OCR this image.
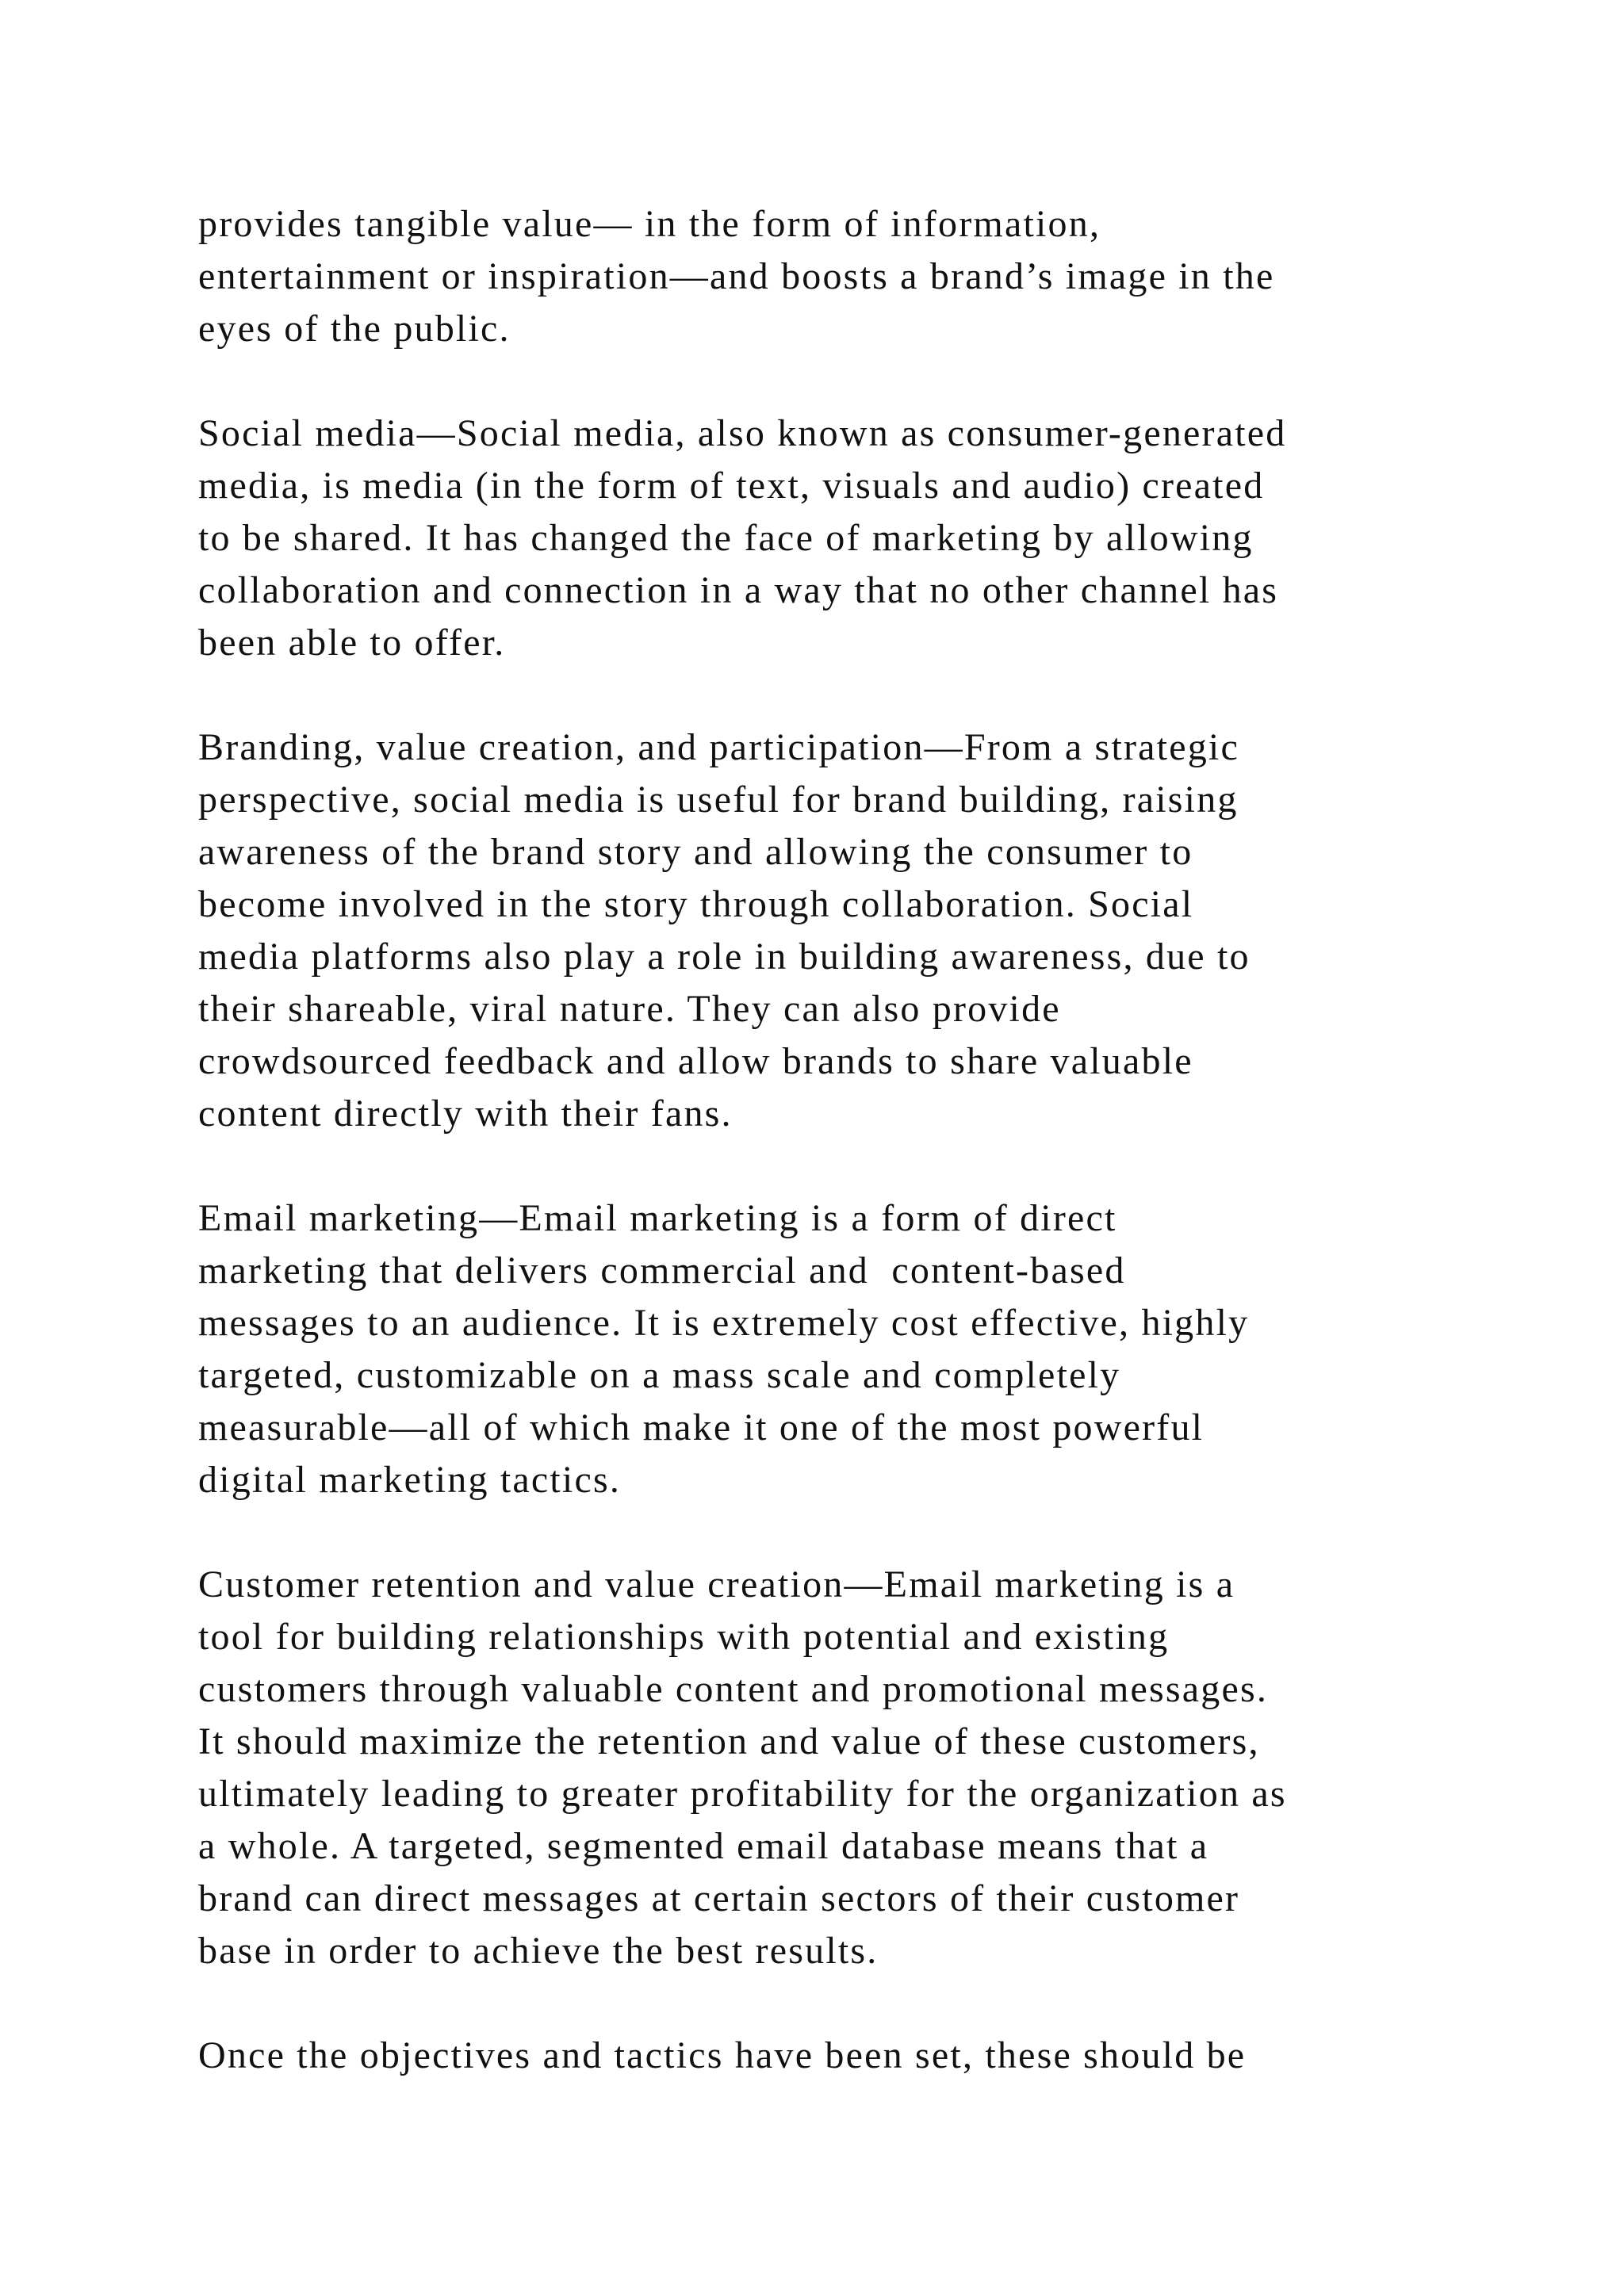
provides tangible value— in the form of information,
entertainment or inspiration—and boosts a brand’s image in the
eyes of the public.

Social media—Social media, also known as consumer-generated
media, is media (in the form of text, visuals and audio) created
to be shared. It has changed the face of marketing by allowing
collaboration and connection in a way that no other channel has
been able to offer.

Branding, value creation, and participation—From a strategic
perspective, social media is useful for brand building, raising
awareness of the brand story and allowing the consumer to
become involved in the story through collaboration. Social
media platforms also play a role in building awareness, due to
their shareable, viral nature. They can also provide
crowdsourced feedback and allow brands to share valuable
content directly with their fans.

Email marketing—Email marketing is a form of direct
marketing that delivers commercial and  content-based
messages to an audience. It is extremely cost effective, highly
targeted, customizable on a mass scale and completely
measurable—all of which make it one of the most powerful
digital marketing tactics.

Customer retention and value creation—Email marketing is a
tool for building relationships with potential and existing
customers through valuable content and promotional messages.
It should maximize the retention and value of these customers,
ultimately leading to greater profitability for the organization as
a whole. A targeted, segmented email database means that a
brand can direct messages at certain sectors of their customer
base in order to achieve the best results.

Once the objectives and tactics have been set, these should be
